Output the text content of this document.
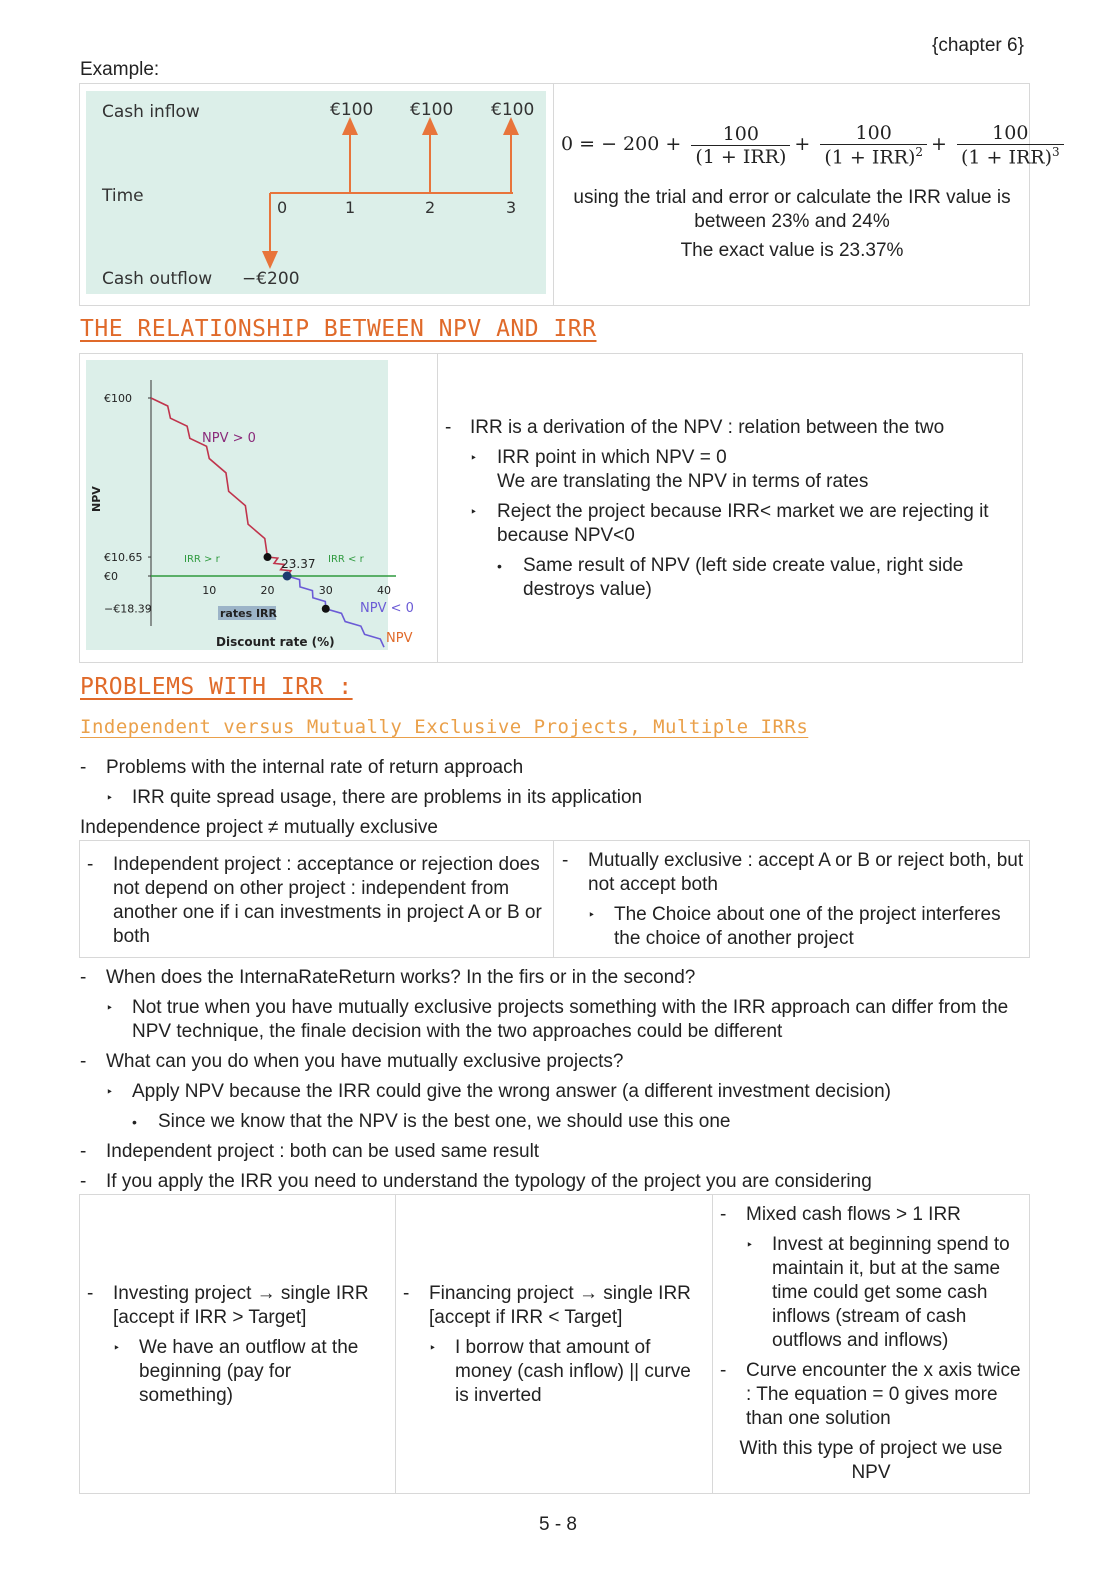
{chapter 6}
Example:
Cash inflow
Time
Cash outflow
€100 €100 €100
0	1	2	3
−€200
0 = − $200 + \frac{100}{\text{(1 + IRR)}} + \frac{100}{(1 + IRR)^2} + \frac{100}{(1 + IRR)^3}$
using the trial and error or calculate the IRR value is between 23% and 24%
The exact value is 23.37%
THE RELATIONSHIP BETWEEN NPV AND IRR
NPV
Discount rate (%)
€100
€10.65
€0
−€18.39
10	20	30	40
NPV > 0
NPV < 0
IRR > r	IRR < r
rates IRR
NPV
23.37
- IRR is a derivation of the NPV : relation between the two
‣ IRR point in which NPV = 0
We are translating the NPV in terms of rates
‣ Reject the project because IRR< market we are rejecting it because NPV<0
• Same result of NPV (left side create value, right side destroys value)
PROBLEMS WITH IRR :
Independent versus Mutually Exclusive Projects, Multiple IRRs
- Problems with the internal rate of return approach
‣ IRR quite spread usage, there are problems in its application
Independence project ≠ mutually exclusive
- Independent project : acceptance or rejection does not depend on other project : independent from another one if i can investments in project A or B or both
- Mutually exclusive : accept A or B or reject both, but not accept both
‣ The Choice about one of the project interferes the choice of another project
- When does the InternaRateReturn works? In the firs or in the second?
‣ Not true when you have mutually exclusive projects something with the IRR approach can differ from the NPV technique, the finale decision with the two approaches could be different
- What can you do when you have mutually exclusive projects?
‣ Apply NPV because the IRR could give the wrong answer (a different investment decision)
• Since we know that the NPV is the best one, we should use this one
- Independent project : both can be used same result
- If you apply the IRR you need to understand the typology of the project you are considering
- Investing project → single IRR [accept if IRR > Target]
‣ We have an outflow at the beginning (pay for something)
- Financing project → single IRR [accept if IRR < Target]
‣ I borrow that amount of money (cash inflow) || curve is inverted
- Mixed cash flows > 1 IRR
‣ Invest at beginning spend to maintain it, but at the same time could get some cash inflows (stream of cash outflows and inflows)
- Curve encounter the x axis twice : The equation = 0 gives more than one solution
With this type of project we use NPV
5 - 8
